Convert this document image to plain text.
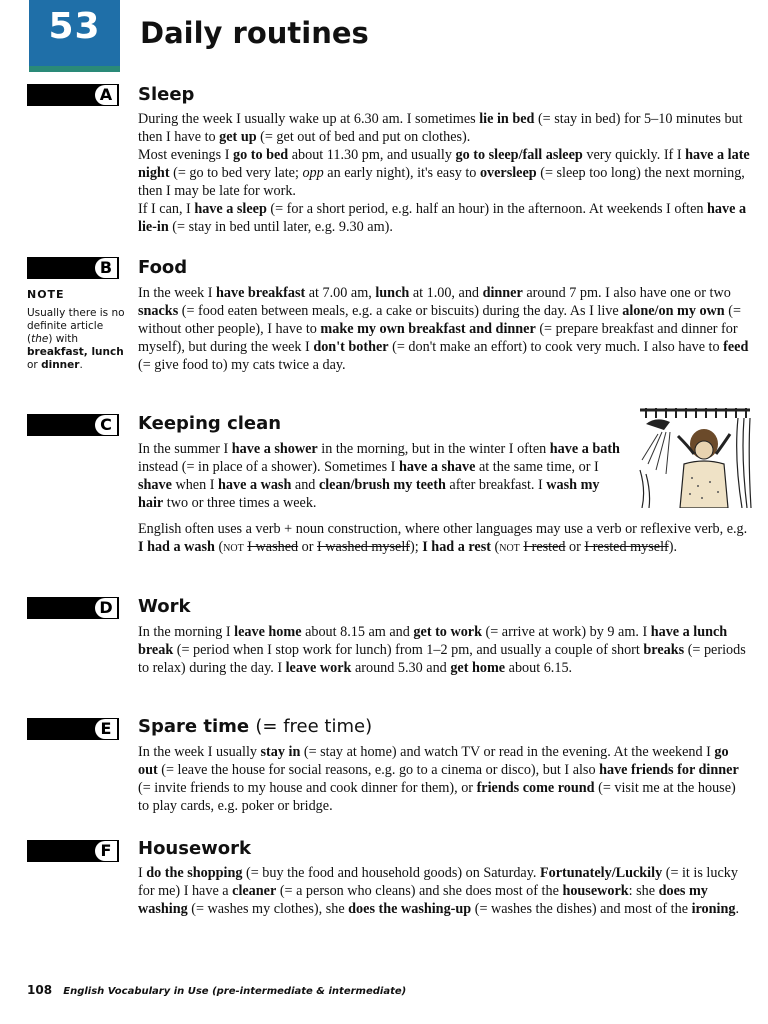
53	Daily routines
A Sleep

During the week I usually wake up at 6.30 am. I sometimes lie in bed (= stay in bed) for 5–10 minutes but then I have to get up (= get out of bed and put on clothes).

Most evenings I go to bed about 11.30 pm, and usually go to sleep/fall asleep very quickly. If I have a late night (= go to bed very late; opp an early night), it's easy to oversleep (= sleep too long) the next morning, then I may be late for work.

If I can, I have a sleep (= for a short period, e.g. half an hour) in the afternoon. At weekends I often have a lie-in (= stay in bed until later, e.g. 9.30 am).

B Food

In the week I have breakfast at 7.00 am, lunch at 1.00, and dinner around 7 pm. I also have one or two snacks (= food eaten between meals, e.g. a cake or biscuits) during the day. As I live alone/on my own (= without other people), I have to make my own breakfast and dinner (= prepare breakfast and dinner for myself), but during the week I don't bother (= don't make an effort) to cook very much. I also have to feed (= give food to) my cats twice a day.

NOTE
Usually there is no definite article (the) with breakfast, lunch or dinner.
C Keeping clean

In the summer I have a shower in the morning, but in the winter I often have a bath instead (= in place of a shower). Sometimes I have a shave at the same time, or I shave when I have a wash and clean/brush my teeth after breakfast. I wash my hair two or three times a week.

English often uses a verb + noun construction, where other languages may use a verb or reflexive verb, e.g. I had a wash (not I washed or I washed myself); I had a rest (not I rested or I rested myself).

D Work

In the morning I leave home about 8.15 am and get to work (= arrive at work) by 9 am. I have a lunch break (= period when I stop work for lunch) from 1–2 pm, and usually a couple of short breaks (= periods to relax) during the day. I leave work around 5.30 and get home about 6.15.

E	Spare time (= free time)

In the week I usually stay in (= stay at home) and watch TV or read in the evening. At the weekend I go out (= leave the house for social reasons, e.g. go to a cinema or disco), but I also have friends for dinner (= invite friends to my house and cook dinner for them), or friends come round (= visit me at the house) to play cards, e.g. poker or bridge.

F	Housework

I do the shopping (= buy the food and household goods) on Saturday. Fortunately/Luckily (= it is lucky for me) I have a cleaner (= a person who cleans) and she does most of the housework: she does my washing (= washes my clothes), she does the washing-up (= washes the dishes) and most of the ironing.

108 English Vocabulary in Use (pre-intermediate & intermediate)
